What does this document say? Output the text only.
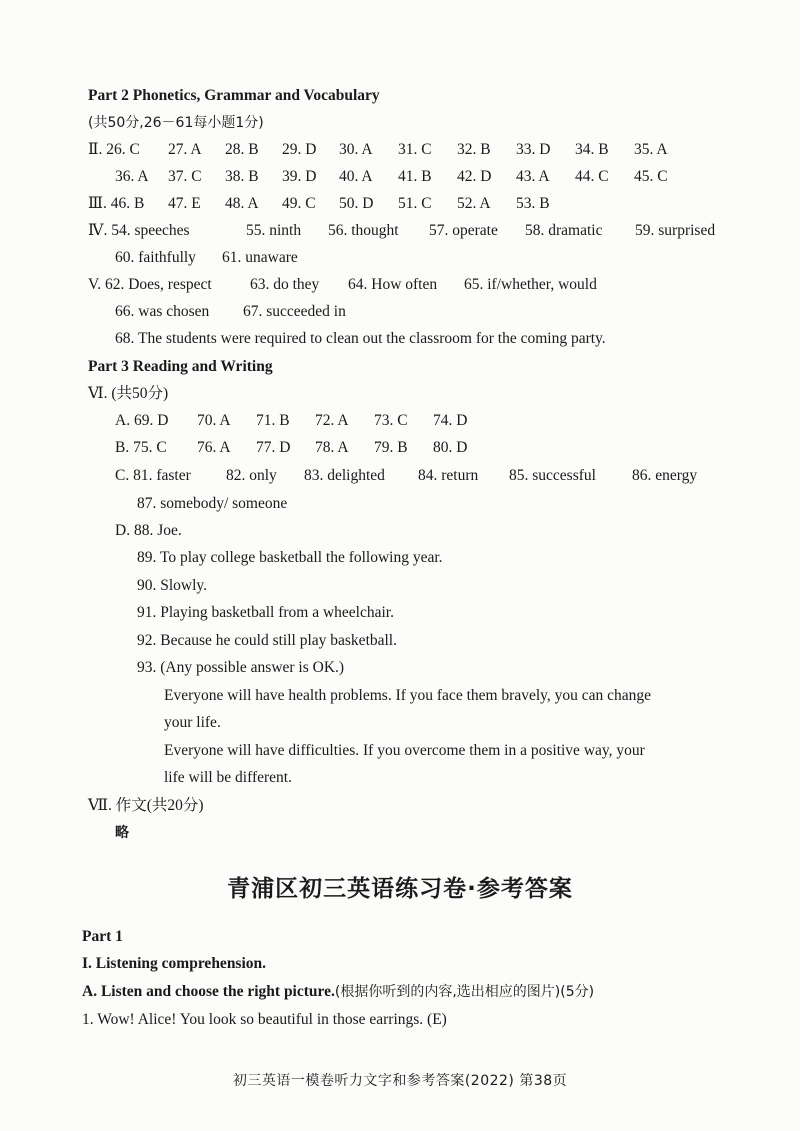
Part 2 Phonetics, Grammar and Vocabulary
(共50分,26－61每小题1分)
Ⅱ. 26. C 27. A 28. B 29. D 30. A 31. C 32. B 33. D 34. B 35. A
36. A 37. C 38. B 39. D 40. A 41. B 42. D 43. A 44. C 45. C
Ⅲ. 46. B 47. E 48. A 49. C 50. D 51. C 52. A 53. B
Ⅳ. 54. speeches	55. ninth 56. thought 57. operate 58. dramatic 59. surprised
60. faithfully 61. unaware
V. 62. Does, respect 63. do they 64. How often 65. if/whether, would
66. was chosen 67. succeeded in
68. The students were required to clean out the classroom for the coming party.
Part 3 Reading and Writing
Ⅵ. (共50分)
A. 69. D 70. A 71. B 72. A 73. C 74. D
B. 75. C 76. A 77. D 78. A 79. B 80. D
C. 81. faster 82. only 83. delighted 84. return 85. successful 86. energy
87. somebody/ someone
D. 88. Joe.
89. To play college basketball the following year.
90. Slowly.
91. Playing basketball from a wheelchair.
92. Because he could still play basketball.
93. (Any possible answer is OK.)
Everyone will have health problems. If you face them bravely, you can change
your life.
Everyone will have difficulties. If you overcome them in a positive way, your
life will be different.
Ⅶ. 作文(共20分)
略
青浦区初三英语练习卷·参考答案
Part 1
I. Listening comprehension.
A. Listen and choose the right picture.(根据你听到的内容,选出相应的图片)(5分)
1. Wow! Alice! You look so beautiful in those earrings. (E)
初三英语一模卷听力文字和参考答案(2022) 第38页
